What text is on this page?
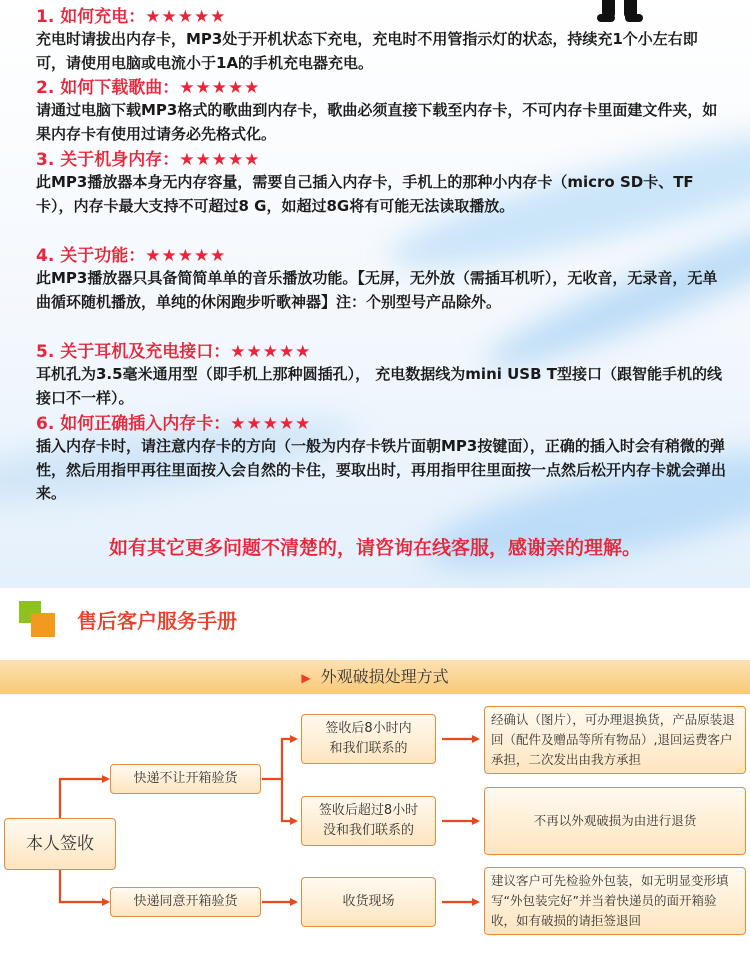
1. 如何充电：★★★★★
充电时请拔出内存卡，MP3处于开机状态下充电，充电时不用管指示灯的状态，持续充1个小左右即可，请使用电脑或电流小于1A的手机充电器充电。
2. 如何下载歌曲：★★★★★
请通过电脑下载MP3格式的歌曲到内存卡，歌曲必须直接下载至内存卡，不可内存卡里面建文件夹，如果内存卡有使用过请务必先格式化。
3. 关于机身内存：★★★★★
此MP3播放器本身无内存容量，需要自己插入内存卡，手机上的那种小内存卡（micro SD卡、TF卡），内存卡最大支持不可超过8 G，如超过8G将有可能无法读取播放。
4. 关于功能：★★★★★
此MP3播放器只具备简简单单的音乐播放功能。【无屏，无外放（需插耳机听），无收音，无录音，无单曲循环随机播放，单纯的休闲跑步听歌神器】注：个别型号产品除外。
5. 关于耳机及充电接口：★★★★★
耳机孔为3.5毫米通用型（即手机上那种圆插孔）， 充电数据线为mini USB T型接口（跟智能手机的线接口不一样）。
6. 如何正确插入内存卡：★★★★★
插入内存卡时，请注意内存卡的方向（一般为内存卡铁片面朝MP3按键面），正确的插入时会有稍微的弹性，然后用指甲再往里面按入会自然的卡住，要取出时，再用指甲往里面按一点然后松开内存卡就会弹出来。
如有其它更多问题不清楚的，请咨询在线客服，感谢亲的理解。
售后客户服务手册
▶ 外观破损处理方式
本人签收
快递不让开箱验货
快递同意开箱验货
签收后8小时内
和我们联系的
签收后超过8小时
没和我们联系的
收货现场
经确认（图片），可办理退换货，产品原装退回（配件及赠品等所有物品）,退回运费客户承担，二次发出由我方承担
不再以外观破损为由进行退货
建议客户可先检验外包装，如无明显变形填写“外包装完好”并当着快递员的面开箱验收，如有破损的请拒签退回
